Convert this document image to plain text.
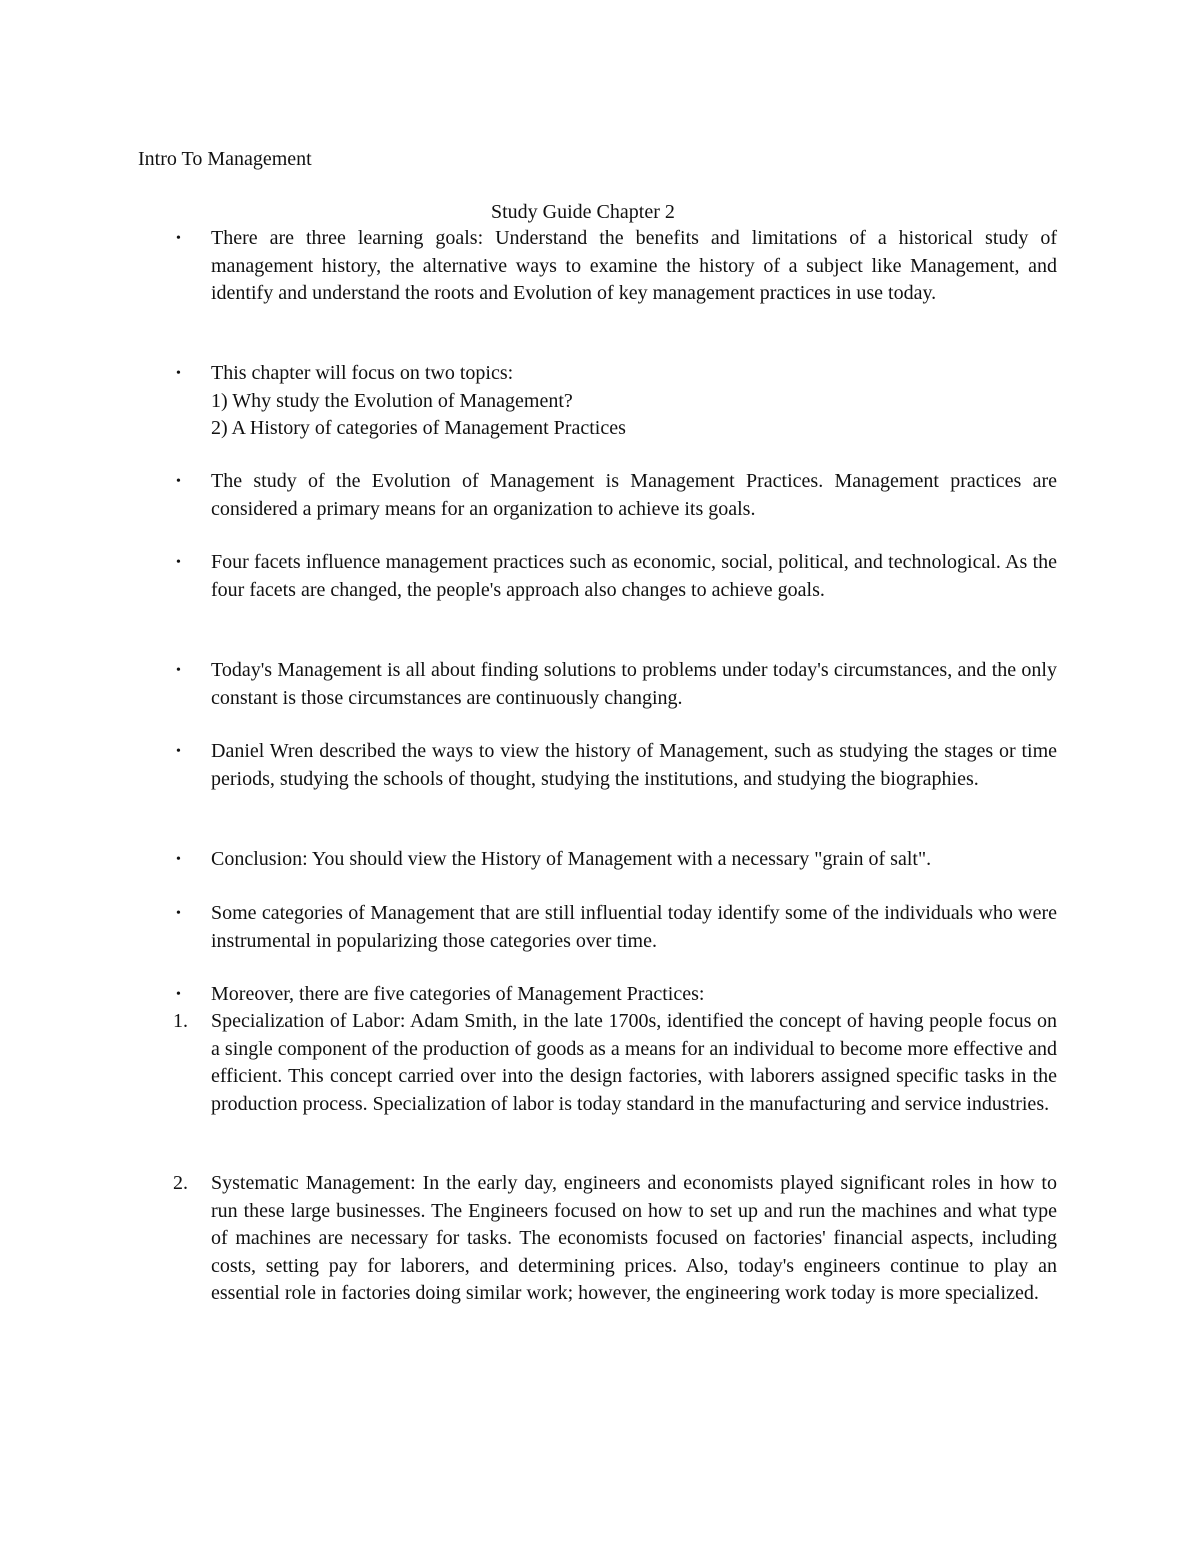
Intro To Management
Study Guide Chapter 2
•	There are three learning goals: Understand the benefits and limitations of a historical study of management history, the alternative ways to examine the history of a subject like Management, and identify and understand the roots and Evolution of key management practices in use today.
•	This chapter will focus on two topics:
1) Why study the Evolution of Management?
2) A History of categories of Management Practices
•	The study of the Evolution of Management is Management Practices. Management practices are considered a primary means for an organization to achieve its goals.
•	Four facets influence management practices such as economic, social, political, and technological. As the four facets are changed, the people's approach also changes to achieve goals.
•	Today's Management is all about finding solutions to problems under today's circumstances, and the only constant is those circumstances are continuously changing.
•	Daniel Wren described the ways to view the history of Management, such as studying the stages or time periods, studying the schools of thought, studying the institutions, and studying the biographies.
•	Conclusion: You should view the History of Management with a necessary "grain of salt".
•	Some categories of Management that are still influential today identify some of the individuals who were instrumental in popularizing those categories over time.
•	Moreover, there are five categories of Management Practices:
1.	Specialization of Labor: Adam Smith, in the late 1700s, identified the concept of having people focus on a single component of the production of goods as a means for an individual to become more effective and efficient. This concept carried over into the design factories, with laborers assigned specific tasks in the production process. Specialization of labor is today standard in the manufacturing and service industries.
2.	Systematic Management: In the early day, engineers and economists played significant roles in how to run these large businesses. The Engineers focused on how to set up and run the machines and what type of machines are necessary for tasks. The economists focused on factories' financial aspects, including costs, setting pay for laborers, and determining prices. Also, today's engineers continue to play an essential role in factories doing similar work; however, the engineering work today is more specialized.
